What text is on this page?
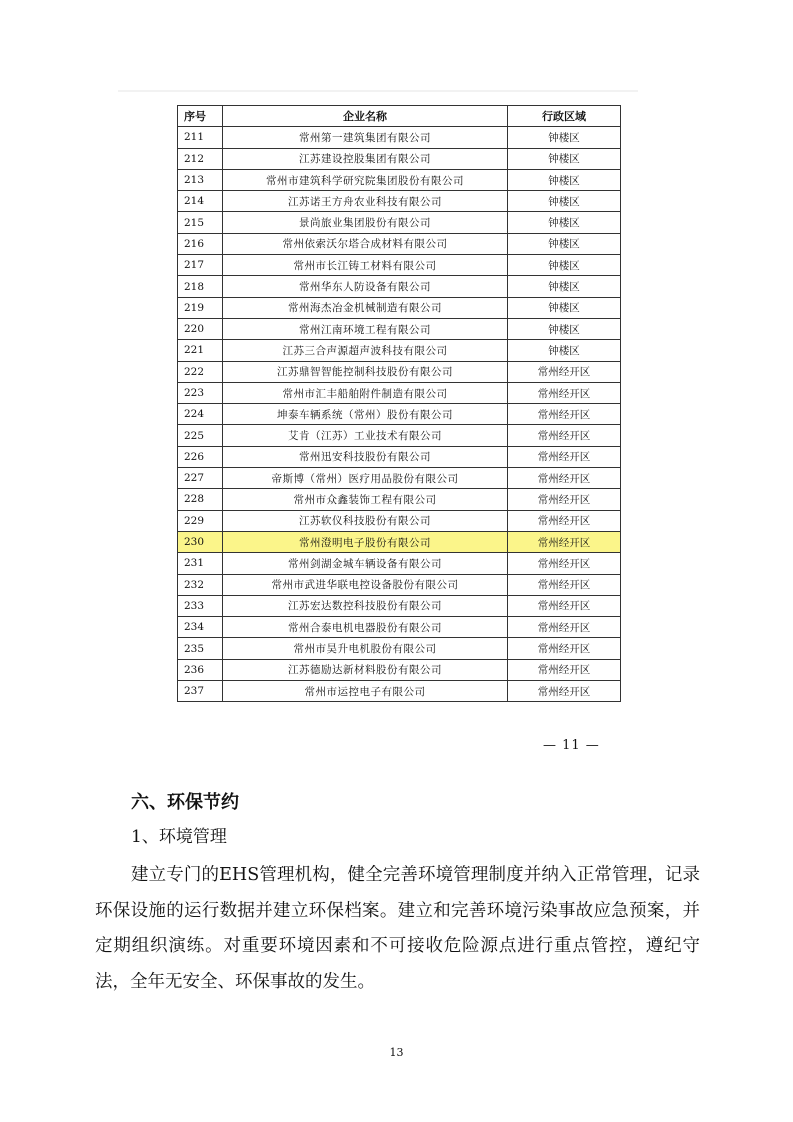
序号	企业名称	行政区域
211	常州第一建筑集团有限公司	钟楼区
212	江苏建设控股集团有限公司	钟楼区
213	常州市建筑科学研究院集团股份有限公司	钟楼区
214	江苏诺王方舟农业科技有限公司	钟楼区
215	景尚旅业集团股份有限公司	钟楼区
216	常州依索沃尔塔合成材料有限公司	钟楼区
217	常州市长江铸工材料有限公司	钟楼区
218	常州华东人防设备有限公司	钟楼区
219	常州海杰冶金机械制造有限公司	钟楼区
220	常州江南环境工程有限公司	钟楼区
221	江苏三合声源超声波科技有限公司	钟楼区
222	江苏鼎智智能控制科技股份有限公司	常州经开区
223	常州市汇丰船舶附件制造有限公司	常州经开区
224	坤泰车辆系统（常州）股份有限公司	常州经开区
225	艾肯（江苏）工业技术有限公司	常州经开区
226	常州迅安科技股份有限公司	常州经开区
227	帝斯博（常州）医疗用品股份有限公司	常州经开区
228	常州市众鑫装饰工程有限公司	常州经开区
229	江苏软仪科技股份有限公司	常州经开区
230	常州澄明电子股份有限公司	常州经开区
231	常州剑湖金城车辆设备有限公司	常州经开区
232	常州市武进华联电控设备股份有限公司	常州经开区
233	江苏宏达数控科技股份有限公司	常州经开区
234	常州合泰电机电器股份有限公司	常州经开区
235	常州市昊升电机股份有限公司	常州经开区
236	江苏德励达新材料股份有限公司	常州经开区
237	常州市运控电子有限公司	常州经开区
— 11 —
六、环保节约
1、环境管理

建立专门的EHS管理机构，健全完善环境管理制度并纳入正常管理，记录环保设施的运行数据并建立环保档案。建立和完善环境污染事故应急预案，并定期组织演练。对重要环境因素和不可接收危险源点进行重点管控，遵纪守法，全年无安全、环保事故的发生。

13
